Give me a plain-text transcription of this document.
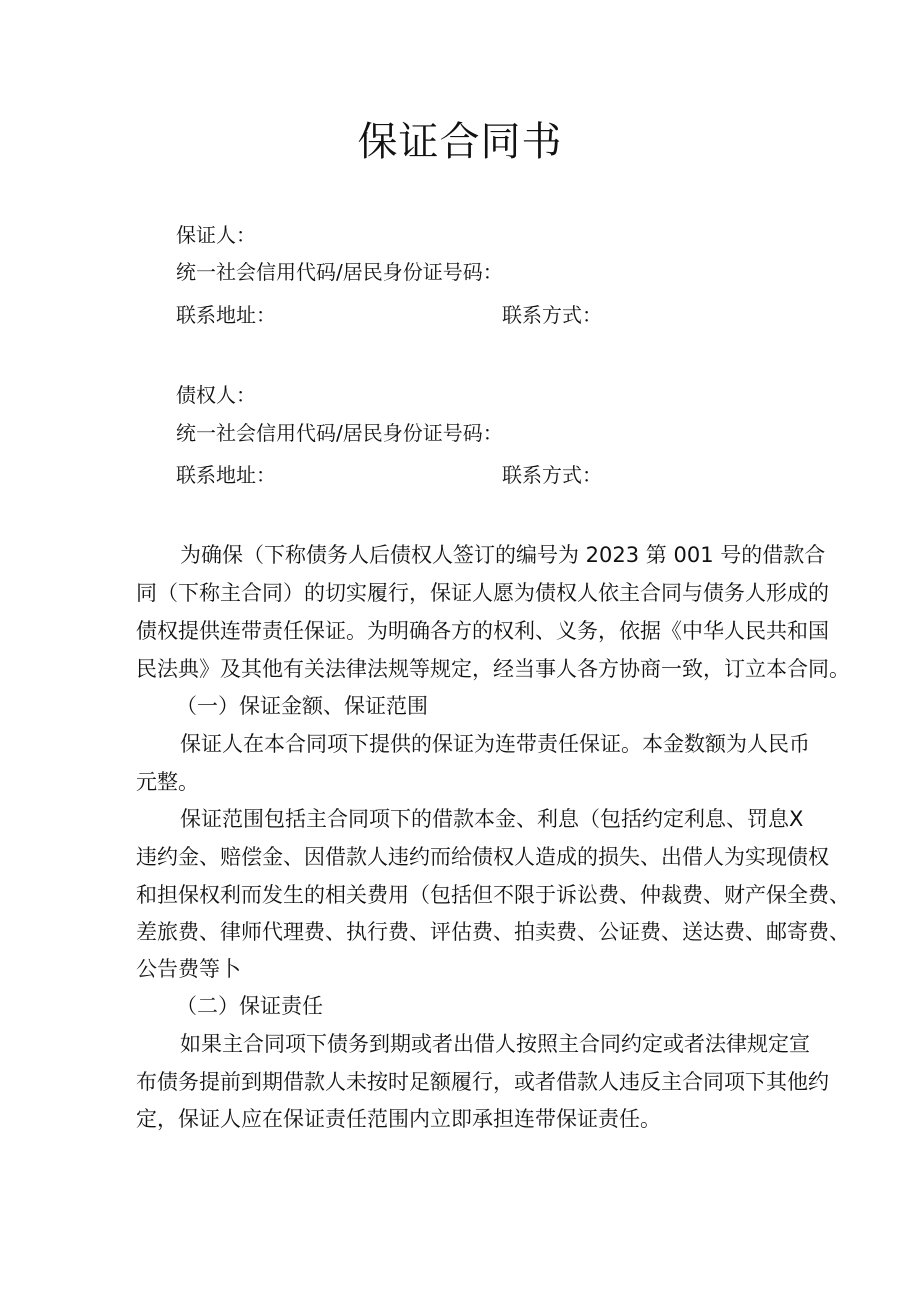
保证合同书
保证人：
统一社会信用代码/居民身份证号码：
联系地址：	联系方式：
债权人：
统一社会信用代码/居民身份证号码：
联系地址：	联系方式：
为确保（下称债务人后债权人签订的编号为 2023 第 001 号的借款合
同（下称主合同）的切实履行，保证人愿为债权人依主合同与债务人形成的
债权提供连带责任保证。为明确各方的权利、义务，依据《中华人民共和国
民法典》及其他有关法律法规等规定，经当事人各方协商一致，订立本合同。
（一）保证金额、保证范围
保证人在本合同项下提供的保证为连带责任保证。本金数额为人民币
元整。
保证范围包括主合同项下的借款本金、利息（包括约定利息、罚息X
违约金、赔偿金、因借款人违约而给债权人造成的损失、出借人为实现债权
和担保权利而发生的相关费用（包括但不限于诉讼费、仲裁费、财产保全费、
差旅费、律师代理费、执行费、评估费、拍卖费、公证费、送达费、邮寄费、
公告费等卜
（二）保证责任
如果主合同项下债务到期或者出借人按照主合同约定或者法律规定宣
布债务提前到期借款人未按时足额履行，或者借款人违反主合同项下其他约
定，保证人应在保证责任范围内立即承担连带保证责任。
